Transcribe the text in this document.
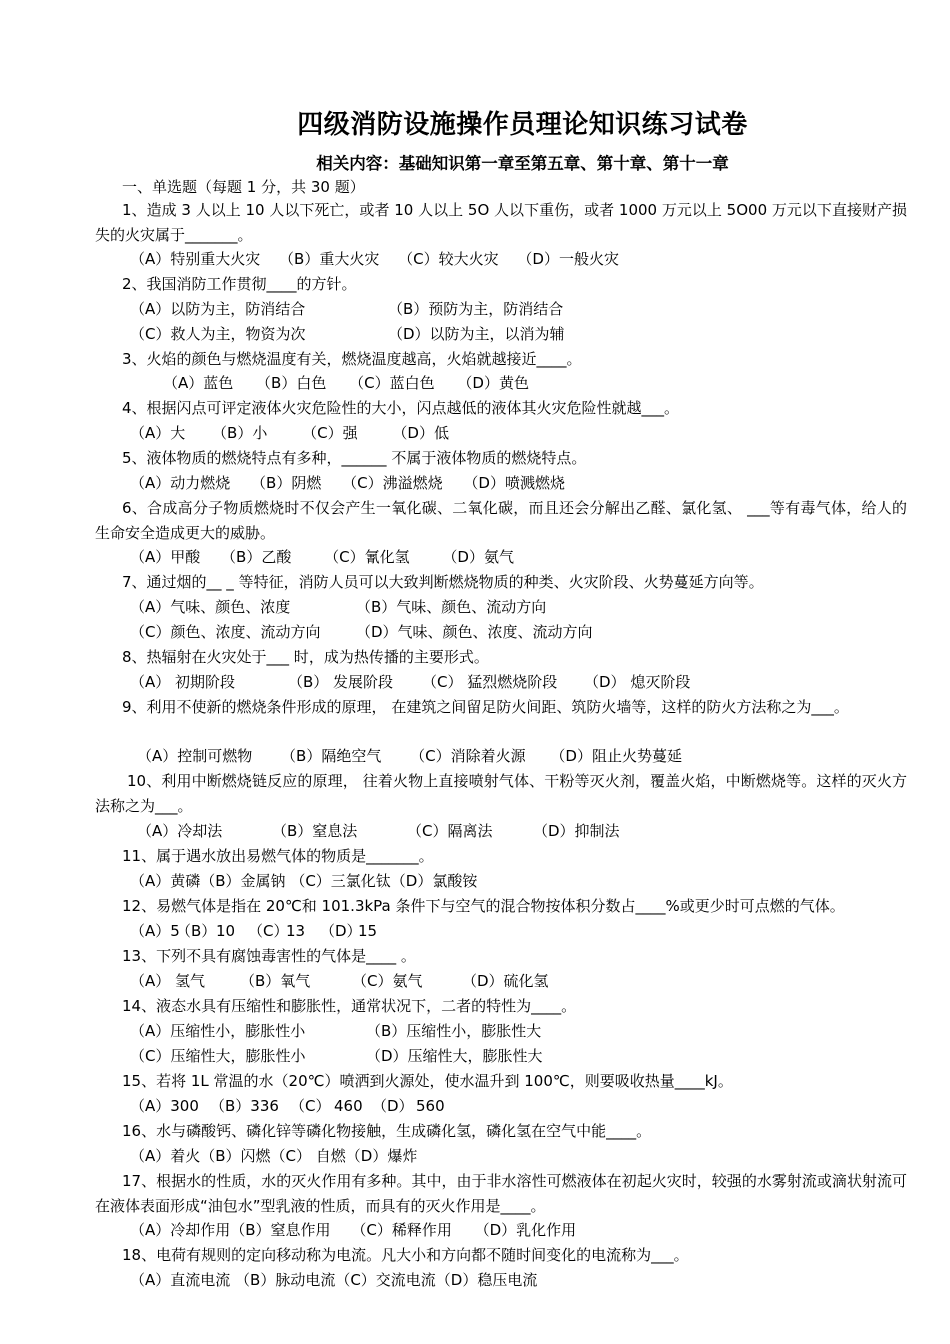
四级消防设施操作员理论知识练习试卷
相关内容：基础知识第一章至第五章、第十章、第十一章
一、单选题（每题 1 分，共 30 题）
1、造成 3 人以上 10 人以下死亡，或者 10 人以上 5O 人以下重伤，或者 1000 万元以上 5O00 万元以下直接财产损失的火灾属于_______。
（A）特别重大火灾 （B）重大火灾 （C）较大火灾 （D）一般火灾
2、我国消防工作贯彻____的方针。
（A）以防为主，防消结合	（B）预防为主，防消结合
（C）救人为主，物资为次	（D）以防为主，以消为辅
3、火焰的颜色与燃烧温度有关，燃烧温度越高，火焰就越接近____。
（A）蓝色 （B）白色 （C）蓝白色 （D）黄色
4、根据闪点可评定液体火灾危险性的大小，闪点越低的液体其火灾危险性就越___。
（A）大 （B）小 （C）强 （D）低
5、液体物质的燃烧特点有多种，______ 不属于液体物质的燃烧特点。
（A）动力燃烧 （B）阴燃 （C）沸溢燃烧 （D）喷溅燃烧
6、合成高分子物质燃烧时不仅会产生一氧化碳、二氧化碳，而且还会分解出乙醛、氯化氢、 ___等有毒气体，给人的生命安全造成更大的威胁。
（A）甲酸 （B）乙酸 （C）氰化氢 （D）氨气
7、通过烟的__ _ 等特征，消防人员可以大致判断燃烧物质的种类、火灾阶段、火势蔓延方向等。
（A）气味、颜色、浓度	（B）气味、颜色、流动方向
（C）颜色、浓度、流动方向 （D）气味、颜色、浓度、流动方向
8、热辐射在火灾处于___ 时，成为热传播的主要形式。
（A） 初期阶段	（B） 发展阶段 （C） 猛烈燃烧阶段 （D） 熄灭阶段
9、利用不使新的燃烧条件形成的原理， 在建筑之间留足防火间距、筑防火墙等，这样的防火方法称之为___。
（A）控制可燃物 （B）隔绝空气 （C）消除着火源 （D）阻止火势蔓延
10、利用中断燃烧链反应的原理， 往着火物上直接喷射气体、干粉等灭火剂，覆盖火焰，中断燃烧等。这样的灭火方法称之为___。
（A）冷却法	（B）窒息法	（C）隔离法	（D）抑制法
11、属于遇水放出易燃气体的物质是_______。
（A）黄磷（B）金属钠 （C）三氯化钛（D）氯酸铵
12、易燃气体是指在 20℃和 101.3kPa 条件下与空气的混合物按体积分数占____%或更少时可点燃的气体。
（A）5（B）10 （C）13 （D）15
13、下列不具有腐蚀毒害性的气体是____ 。
（A） 氢气 （B）氧气	（C）氨气	（D）硫化氢
14、液态水具有压缩性和膨胀性，通常状况下，二者的特性为____。
（A）压缩性小，膨胀性小	（B）压缩性小，膨胀性大
（C）压缩性大，膨胀性小	（D）压缩性大，膨胀性大
15、若将 1L 常温的水（20℃）喷洒到火源处，使水温升到 100℃，则要吸收热量____kJ。
（A）300 （B）336 （C） 460 （D） 560
16、水与磷酸钙、磷化锌等磷化物接触，生成磷化氢，磷化氢在空气中能____。
（A）着火（B）闪燃（C） 自燃（D）爆炸
17、根据水的性质，水的灭火作用有多种。其中，由于非水溶性可燃液体在初起火灾时，较强的水雾射流或滴状射流可在液体表面形成“油包水”型乳液的性质，而具有的灭火作用是____。
（A）冷却作用（B）窒息作用 （C）稀释作用 （D）乳化作用
18、电荷有规则的定向移动称为电流。凡大小和方向都不随时间变化的电流称为___。
（A）直流电流 （B）脉动电流（C）交流电流（D）稳压电流
